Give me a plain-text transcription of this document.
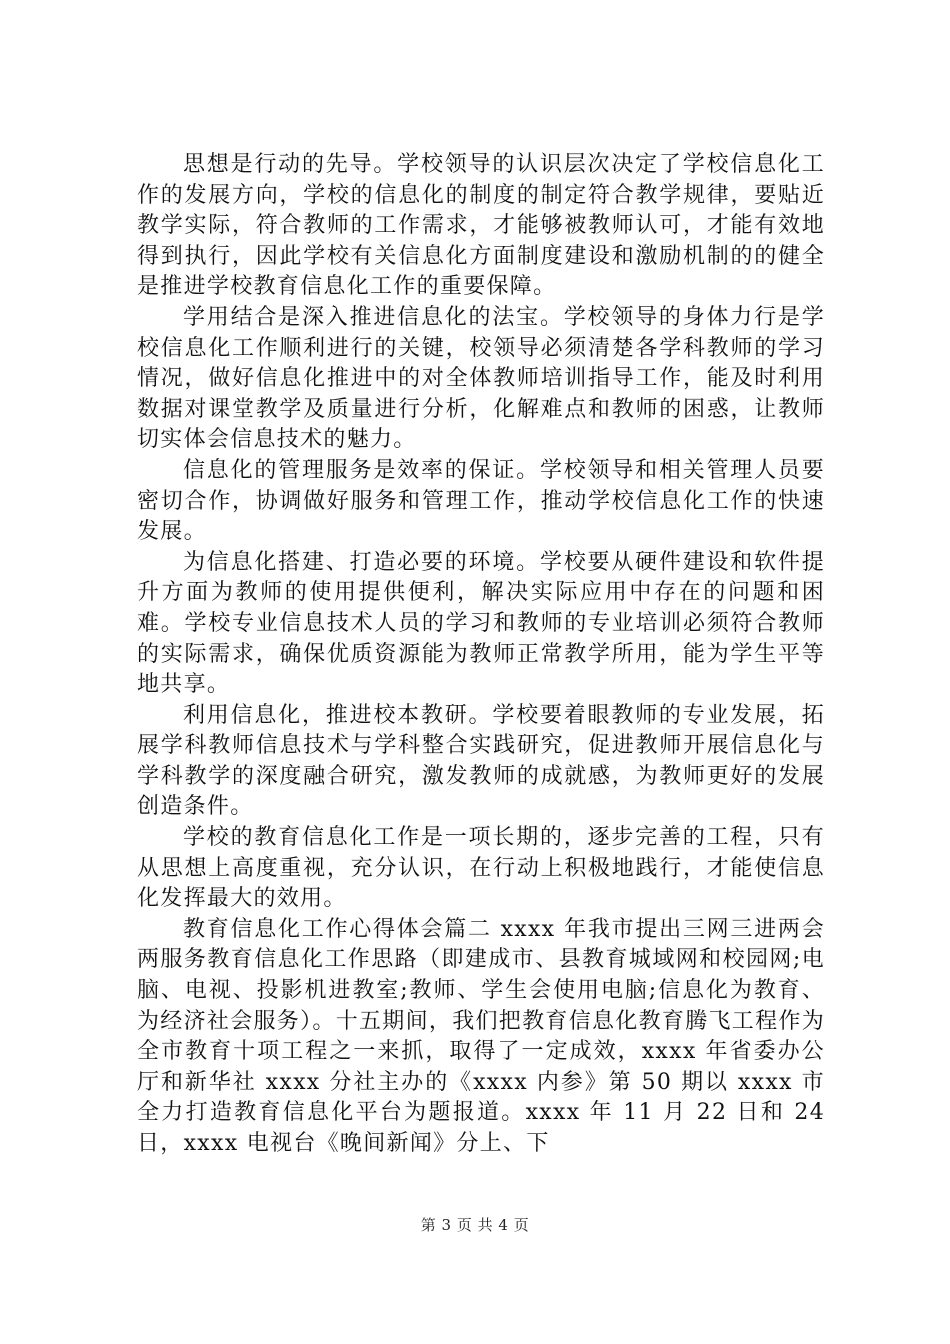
思想是行动的先导。学校领导的认识层次决定了学校信息化工作的发展方向，学校的信息化的制度的制定符合教学规律，要贴近教学实际，符合教师的工作需求，才能够被教师认可，才能有效地得到执行，因此学校有关信息化方面制度建设和激励机制的的健全是推进学校教育信息化工作的重要保障。

学用结合是深入推进信息化的法宝。学校领导的身体力行是学校信息化工作顺利进行的关键，校领导必须清楚各学科教师的学习情况，做好信息化推进中的对全体教师培训指导工作，能及时利用数据对课堂教学及质量进行分析，化解难点和教师的困惑，让教师切实体会信息技术的魅力。

信息化的管理服务是效率的保证。学校领导和相关管理人员要密切合作，协调做好服务和管理工作，推动学校信息化工作的快速发展。

为信息化搭建、打造必要的环境。学校要从硬件建设和软件提升方面为教师的使用提供便利，解决实际应用中存在的问题和困难。学校专业信息技术人员的学习和教师的专业培训必须符合教师的实际需求，确保优质资源能为教师正常教学所用，能为学生平等地共享。

利用信息化，推进校本教研。学校要着眼教师的专业发展，拓展学科教师信息技术与学科整合实践研究，促进教师开展信息化与学科教学的深度融合研究，激发教师的成就感，为教师更好的发展创造条件。

学校的教育信息化工作是一项长期的，逐步完善的工程，只有从思想上高度重视，充分认识，在行动上积极地践行，才能使信息化发挥最大的效用。

教育信息化工作心得体会篇二 xxxx 年我市提出三网三进两会两服务教育信息化工作思路（即建成市、县教育城域网和校园网;电脑、电视、投影机进教室;教师、学生会使用电脑;信息化为教育、为经济社会服务）。十五期间，我们把教育信息化教育腾飞工程作为全市教育十项工程之一来抓，取得了一定成效，xxxx 年省委办公厅和新华社 xxxx 分社主办的《xxxx 内参》第 50 期以 xxxx 市全力打造教育信息化平台为题报道。xxxx 年 11 月 22 日和 24 日，xxxx 电视台《晚间新闻》分上、下

第 3 页 共 4 页
